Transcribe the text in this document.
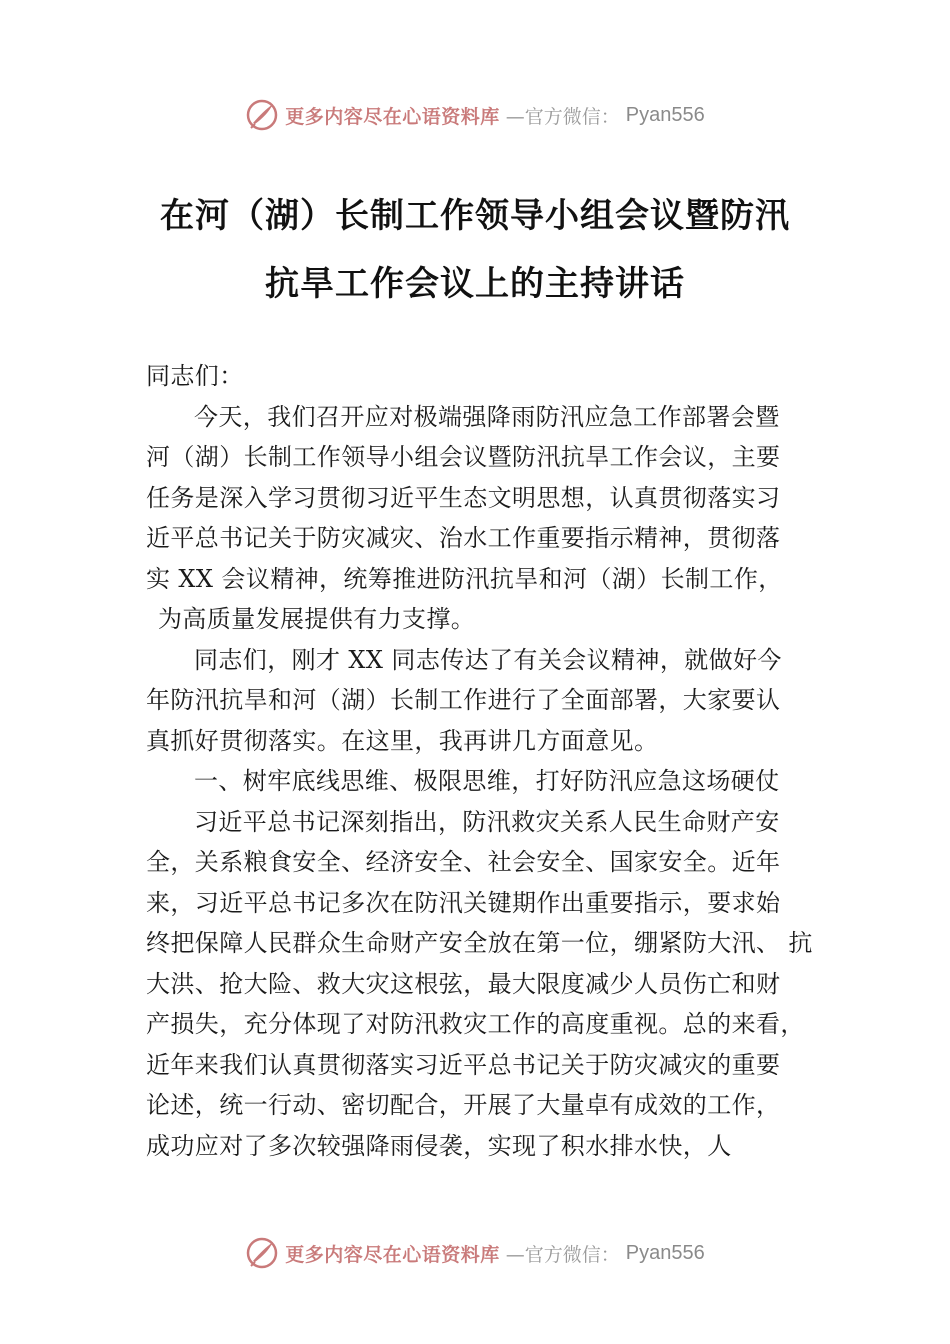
更多内容尽在心语资料库 —官方微信： Pyan556
在河（湖）长制工作领导小组会议暨防汛
抗旱工作会议上的主持讲话

同志们：

今天，我们召开应对极端强降雨防汛应急工作部署会暨

河（湖）长制工作领导小组会议暨防汛抗旱工作会议，主要

任务是深入学习贯彻习近平生态文明思想，认真贯彻落实习

近平总书记关于防灾减灾、治水工作重要指示精神，贯彻落

实 XX 会议精神，统筹推进防汛抗旱和河（湖）长制工作，

为高质量发展提供有力支撑。

同志们，刚才 XX 同志传达了有关会议精神，就做好今

年防汛抗旱和河（湖）长制工作进行了全面部署，大家要认

真抓好贯彻落实。在这里，我再讲几方面意见。

一、树牢底线思维、极限思维，打好防汛应急这场硬仗

习近平总书记深刻指出，防汛救灾关系人民生命财产安

全，关系粮食安全、经济安全、社会安全、国家安全。近年

来，习近平总书记多次在防汛关键期作出重要指示，要求始

终把保障人民群众生命财产安全放在第一位，绷紧防大汛、 抗

大洪、抢大险、救大灾这根弦，最大限度减少人员伤亡和财

产损失，充分体现了对防汛救灾工作的高度重视。总的来看，

近年来我们认真贯彻落实习近平总书记关于防灾减灾的重要

论述，统一行动、密切配合，开展了大量卓有成效的工作，

成功应对了多次较强降雨侵袭，实现了积水排水快，人

更多内容尽在心语资料库 —官方微信： Pyan556
